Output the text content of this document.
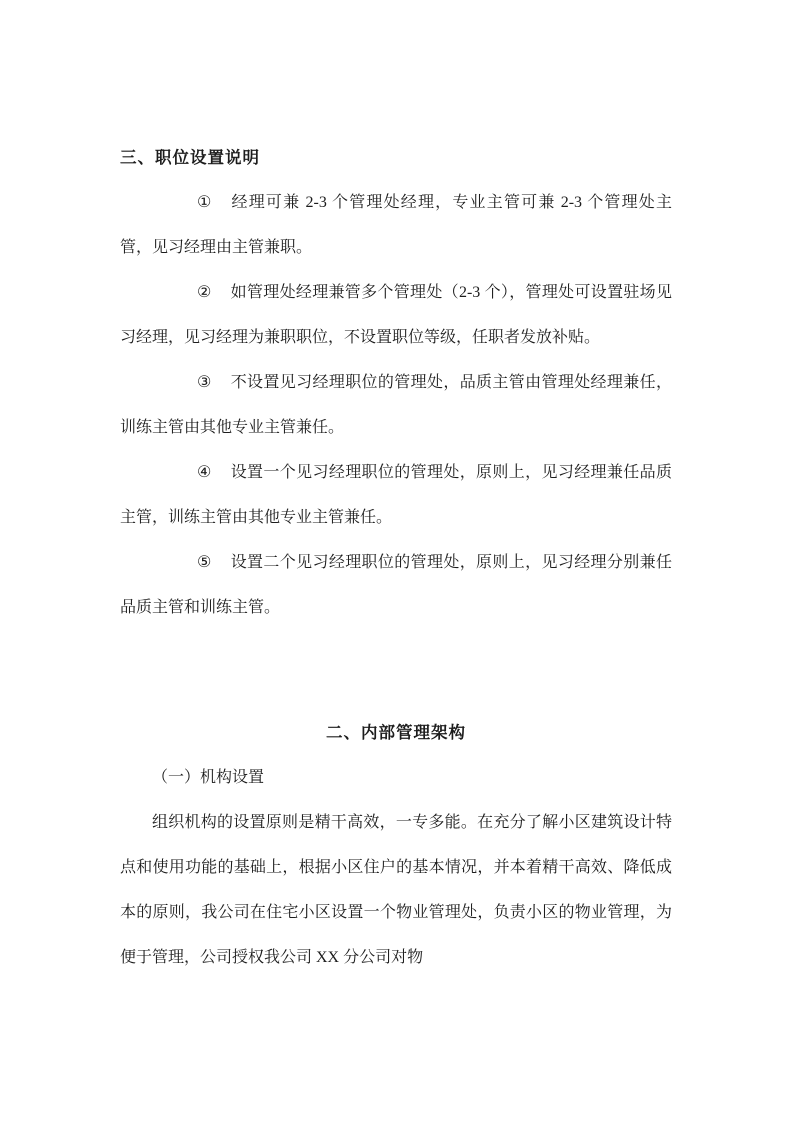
三、职位设置说明

① 经理可兼 2-3 个管理处经理，专业主管可兼 2-3 个管理处主管，见习经理由主管兼职。

② 如管理处经理兼管多个管理处（2-3 个），管理处可设置驻场见习经理，见习经理为兼职职位，不设置职位等级，任职者发放补贴。

③ 不设置见习经理职位的管理处，品质主管由管理处经理兼任，训练主管由其他专业主管兼任。

④ 设置一个见习经理职位的管理处，原则上，见习经理兼任品质主管，训练主管由其他专业主管兼任。

⑤ 设置二个见习经理职位的管理处，原则上，见习经理分别兼任品质主管和训练主管。

二、内部管理架构

（一）机构设置

组织机构的设置原则是精干高效，一专多能。在充分了解小区建筑设计特点和使用功能的基础上，根据小区住户的基本情况，并本着精干高效、降低成本的原则，我公司在住宅小区设置一个物业管理处，负责小区的物业管理，为便于管理，公司授权我公司 XX 分公司对物
